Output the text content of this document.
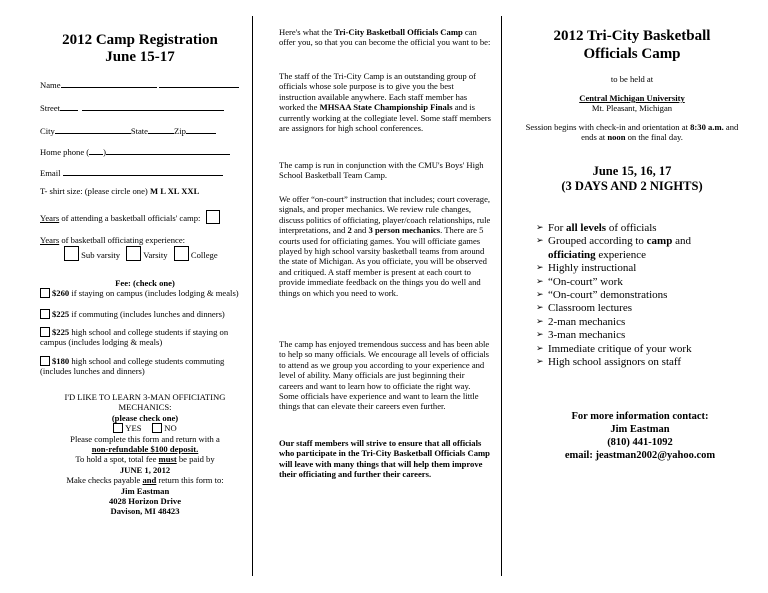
2012 Camp Registration
June 15-17
Name
Street
City	State	Zip
Home phone ( )
Email
T- shirt size: (please circle one) M L XL XXL
Years of attending a basketball officials' camp:
Years of basketball officiating experience:
Sub varsity	Varsity	College
Fee: (check one)
$260 if staying on campus (includes lodging & meals)
$225 if commuting (includes lunches and dinners)
$225 high school and college students if staying on campus (includes lodging & meals)
$180 high school and college students commuting (includes lunches and dinners)
I'D LIKE TO LEARN 3-MAN OFFICIATING
MECHANICS:
(please check one)
YES	NO
Please complete this form and return with a
non-refundable $100 deposit.
To hold a spot, total fee must be paid by
JUNE 1, 2012
Make checks payable and return this form to:
Jim Eastman
4028 Horizon Drive
Davison, MI 48423
Here's what the Tri-City Basketball Officials Camp can offer you, so that you can become the official you want to be:
The staff of the Tri-City Camp is an outstanding group of officials whose sole purpose is to give you the best instruction available anywhere. Each staff member has worked the MHSAA State Championship Finals and is currently working at the collegiate level. Some staff members are assignors for high school conferences.
The camp is run in conjunction with the CMU's Boys' High School Basketball Team Camp.
We offer “on-court” instruction that includes; court coverage, signals, and proper mechanics. We review rule changes, discuss politics of officiating, player/coach relationships, rule interpretations, and 2 and 3 person mechanics. There are 5 courts used for officiating games. You will officiate games played by high school varsity basketball teams from around the state of Michigan. As you officiate, you will be observed and critiqued. A staff member is present at each court to provide immediate feedback on the things you do well and things on which you need to work.
The camp has enjoyed tremendous success and has been able to help so many officials. We encourage all levels of officials to attend as we group you according to your experience and level of ability. Many officials are just beginning their careers and want to learn how to officiate the right way. Some officials have experience and want to learn the little things that can elevate their careers even further.
Our staff members will strive to ensure that all officials who participate in the Tri-City Basketball Officials Camp will leave with many things that will help them improve their officiating and further their careers.
2012 Tri-City Basketball
Officials Camp
to be held at
Central Michigan University
Mt. Pleasant, Michigan
Session begins with check-in and orientation at 8:30 a.m. and ends at noon on the final day.
June 15, 16, 17
(3 DAYS AND 2 NIGHTS)
➢ For all levels of officials
➢ Grouped according to camp and
officiating experience
➢ Highly instructional
➢ “On-court” work
➢ “On-court” demonstrations
➢ Classroom lectures
➢ 2-man mechanics
➢ 3-man mechanics
➢ Immediate critique of your work
➢ High school assignors on staff
For more information contact:
Jim Eastman
(810) 441-1092
email: jeastman2002@yahoo.com
